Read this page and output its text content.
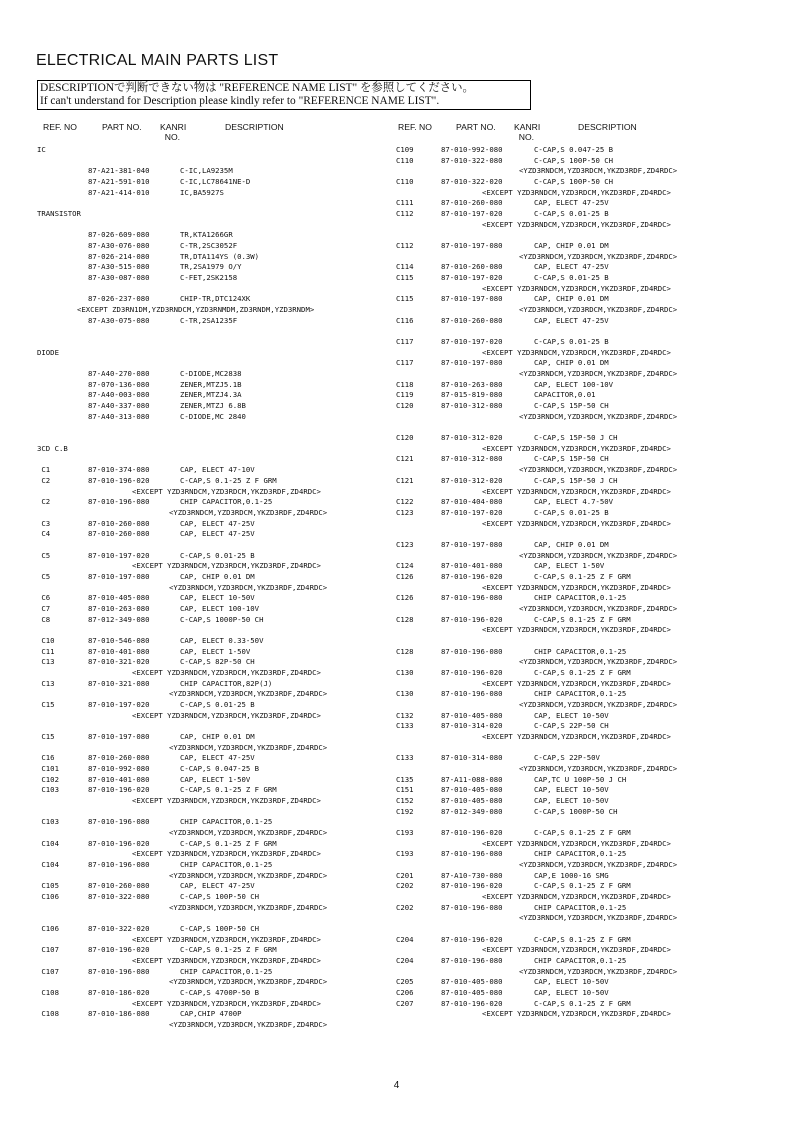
ELECTRICAL MAIN PARTS LIST
DESCRIPTIONで判断できない物は "REFERENCE NAME LIST" を参照してください。
If can't understand for Description please kindly refer to "REFERENCE NAME LIST".
REF. NO	PART NO. KANRI
NO.
DESCRIPTION	REF. NO	PART NO. KANRI
NO.
DESCRIPTION
IC
87-A21-381-040	C-IC,LA9235M
87-A21-591-010	C-IC,LC78641NE-D
87-A21-414-010	IC,BA5927S
TRANSISTOR
87-026-609-080	TR,KTA1266GR
87-A30-076-080	C-TR,2SC3052F
87-026-214-080	TR,DTA114YS (0.3W)
87-A30-515-080	TR,2SA1979 O/Y
87-A30-087-080	C-FET,2SK2158
87-026-237-080	CHIP-TR,DTC124XK
<EXCEPT ZD3RN1DM,YZD3RNDCM,YZD3RNMDM,ZD3RNDM,YZD3RNDM>
87-A30-075-080	C-TR,2SA1235F
DIODE
87-A40-270-080	C-DIODE,MC2838
87-070-136-080	ZENER,MTZJ5.1B
87-A40-003-080	ZENER,MTZJ4.3A
87-A40-337-080	ZENER,MTZJ 6.8B
87-A40-313-080	C-DIODE,MC 2840
3CD C.B
C1	87-010-374-080	CAP, ELECT 47-10V
C2	87-010-196-020	C-CAP,S 0.1-25 Z F GRM
<EXCEPT YZD3RNDCM,YZD3RDCM,YKZD3RDF,ZD4RDC>
C2	87-010-196-080	CHIP CAPACITOR,0.1-25
<YZD3RNDCM,YZD3RDCM,YKZD3RDF,ZD4RDC>
C3	87-010-260-080	CAP, ELECT 47-25V
C4	87-010-260-080	CAP, ELECT 47-25V
C5	87-010-197-020	C-CAP,S 0.01-25 B
<EXCEPT YZD3RNDCM,YZD3RDCM,YKZD3RDF,ZD4RDC>
C5	87-010-197-080	CAP, CHIP 0.01 DM
<YZD3RNDCM,YZD3RDCM,YKZD3RDF,ZD4RDC>
C6	87-010-405-080	CAP, ELECT 10-50V
C7	87-010-263-080	CAP, ELECT 100-10V
C8	87-012-349-080	C-CAP,S 1000P-50 CH
C10	87-010-546-080	CAP, ELECT 0.33-50V
C11	87-010-401-080	CAP, ELECT 1-50V
C13	87-010-321-020	C-CAP,S 82P-50 CH
<EXCEPT YZD3RNDCM,YZD3RDCM,YKZD3RDF,ZD4RDC>
C13	87-010-321-080	CHIP CAPACITOR,82P(J)
<YZD3RNDCM,YZD3RDCM,YKZD3RDF,ZD4RDC>
C15	87-010-197-020	C-CAP,S 0.01-25 B
<EXCEPT YZD3RNDCM,YZD3RDCM,YKZD3RDF,ZD4RDC>
C15	87-010-197-080	CAP, CHIP 0.01 DM
<YZD3RNDCM,YZD3RDCM,YKZD3RDF,ZD4RDC>
C16	87-010-260-080	CAP, ELECT 47-25V
C101	87-010-992-080	C-CAP,S 0.047-25 B
C102	87-010-401-080	CAP, ELECT 1-50V
C103	87-010-196-020	C-CAP,S 0.1-25 Z F GRM
<EXCEPT YZD3RNDCM,YZD3RDCM,YKZD3RDF,ZD4RDC>
C103	87-010-196-080	CHIP CAPACITOR,0.1-25
<YZD3RNDCM,YZD3RDCM,YKZD3RDF,ZD4RDC>
C104	87-010-196-020	C-CAP,S 0.1-25 Z F GRM
<EXCEPT YZD3RNDCM,YZD3RDCM,YKZD3RDF,ZD4RDC>
C104	87-010-196-080	CHIP CAPACITOR,0.1-25
<YZD3RNDCM,YZD3RDCM,YKZD3RDF,ZD4RDC>
C105	87-010-260-080	CAP, ELECT 47-25V
C106	87-010-322-080	C-CAP,S 100P-50 CH
<YZD3RNDCM,YZD3RDCM,YKZD3RDF,ZD4RDC>
C106	87-010-322-020	C-CAP,S 100P-50 CH
<EXCEPT YZD3RNDCM,YZD3RDCM,YKZD3RDF,ZD4RDC>
C107	87-010-196-020	C-CAP,S 0.1-25 Z F GRM
<EXCEPT YZD3RNDCM,YZD3RDCM,YKZD3RDF,ZD4RDC>
C107	87-010-196-080	CHIP CAPACITOR,0.1-25
<YZD3RNDCM,YZD3RDCM,YKZD3RDF,ZD4RDC>
C108	87-010-186-020	C-CAP,S 4700P-50 B
<EXCEPT YZD3RNDCM,YZD3RDCM,YKZD3RDF,ZD4RDC>
C108	87-010-186-080	CAP,CHIP 4700P
<YZD3RNDCM,YZD3RDCM,YKZD3RDF,ZD4RDC>
C109	87-010-992-080	C-CAP,S 0.047-25 B
C110	87-010-322-080	C-CAP,S 100P-50 CH
<YZD3RNDCM,YZD3RDCM,YKZD3RDF,ZD4RDC>
C110	87-010-322-020	C-CAP,S 100P-50 CH
<EXCEPT YZD3RNDCM,YZD3RDCM,YKZD3RDF,ZD4RDC>
C111	87-010-260-080	CAP, ELECT 47-25V
C112	87-010-197-020	C-CAP,S 0.01-25 B
<EXCEPT YZD3RNDCM,YZD3RDCM,YKZD3RDF,ZD4RDC>
C112	87-010-197-080	CAP, CHIP 0.01 DM
<YZD3RNDCM,YZD3RDCM,YKZD3RDF,ZD4RDC>
C114	87-010-260-080	CAP, ELECT 47-25V
C115	87-010-197-020	C-CAP,S 0.01-25 B
<EXCEPT YZD3RNDCM,YZD3RDCM,YKZD3RDF,ZD4RDC>
C115	87-010-197-080	CAP, CHIP 0.01 DM
<YZD3RNDCM,YZD3RDCM,YKZD3RDF,ZD4RDC>
C116	87-010-260-080	CAP, ELECT 47-25V
C117	87-010-197-020	C-CAP,S 0.01-25 B
<EXCEPT YZD3RNDCM,YZD3RDCM,YKZD3RDF,ZD4RDC>
C117	87-010-197-080	CAP, CHIP 0.01 DM
<YZD3RNDCM,YZD3RDCM,YKZD3RDF,ZD4RDC>
C118	87-010-263-080	CAP, ELECT 100-10V
C119	87-015-819-080	CAPACITOR,0.01
C120	87-010-312-080	C-CAP,S 15P-50 CH
<YZD3RNDCM,YZD3RDCM,YKZD3RDF,ZD4RDC>
C120	87-010-312-020	C-CAP,S 15P-50 J CH
<EXCEPT YZD3RNDCM,YZD3RDCM,YKZD3RDF,ZD4RDC>
C121	87-010-312-080	C-CAP,S 15P-50 CH
<YZD3RNDCM,YZD3RDCM,YKZD3RDF,ZD4RDC>
C121	87-010-312-020	C-CAP,S 15P-50 J CH
<EXCEPT YZD3RNDCM,YZD3RDCM,YKZD3RDF,ZD4RDC>
C122	87-010-404-080	CAP, ELECT 4.7-50V
C123	87-010-197-020	C-CAP,S 0.01-25 B
<EXCEPT YZD3RNDCM,YZD3RDCM,YKZD3RDF,ZD4RDC>
C123	87-010-197-080	CAP, CHIP 0.01 DM
<YZD3RNDCM,YZD3RDCM,YKZD3RDF,ZD4RDC>
C124	87-010-401-080	CAP, ELECT 1-50V
C126	87-010-196-020	C-CAP,S 0.1-25 Z F GRM
<EXCEPT YZD3RNDCM,YZD3RDCM,YKZD3RDF,ZD4RDC>
C126	87-010-196-080	CHIP CAPACITOR,0.1-25
<YZD3RNDCM,YZD3RDCM,YKZD3RDF,ZD4RDC>
C128	87-010-196-020	C-CAP,S 0.1-25 Z F GRM
<EXCEPT YZD3RNDCM,YZD3RDCM,YKZD3RDF,ZD4RDC>
C128	87-010-196-080	CHIP CAPACITOR,0.1-25
<YZD3RNDCM,YZD3RDCM,YKZD3RDF,ZD4RDC>
C130	87-010-196-020	C-CAP,S 0.1-25 Z F GRM
<EXCEPT YZD3RNDCM,YZD3RDCM,YKZD3RDF,ZD4RDC>
C130	87-010-196-080	CHIP CAPACITOR,0.1-25
<YZD3RNDCM,YZD3RDCM,YKZD3RDF,ZD4RDC>
C132	87-010-405-080	CAP, ELECT 10-50V
C133	87-010-314-020	C-CAP,S 22P-50 CH
<EXCEPT YZD3RNDCM,YZD3RDCM,YKZD3RDF,ZD4RDC>
C133	87-010-314-080	C-CAP,S 22P-50V
<YZD3RNDCM,YZD3RDCM,YKZD3RDF,ZD4RDC>
C135	87-A11-088-080	CAP,TC U 100P-50 J CH
C151	87-010-405-080	CAP, ELECT 10-50V
C152	87-010-405-080	CAP, ELECT 10-50V
C192	87-012-349-080	C-CAP,S 1000P-50 CH
C193	87-010-196-020	C-CAP,S 0.1-25 Z F GRM
<EXCEPT YZD3RNDCM,YZD3RDCM,YKZD3RDF,ZD4RDC>
C193	87-010-196-080	CHIP CAPACITOR,0.1-25
<YZD3RNDCM,YZD3RDCM,YKZD3RDF,ZD4RDC>
C201	87-A10-730-080	CAP,E 1000-16 SMG
C202	87-010-196-020	C-CAP,S 0.1-25 Z F GRM
<EXCEPT YZD3RNDCM,YZD3RDCM,YKZD3RDF,ZD4RDC>
C202	87-010-196-080	CHIP CAPACITOR,0.1-25
<YZD3RNDCM,YZD3RDCM,YKZD3RDF,ZD4RDC>
C204	87-010-196-020	C-CAP,S 0.1-25 Z F GRM
<EXCEPT YZD3RNDCM,YZD3RDCM,YKZD3RDF,ZD4RDC>
C204	87-010-196-080	CHIP CAPACITOR,0.1-25
<YZD3RNDCM,YZD3RDCM,YKZD3RDF,ZD4RDC>
C205	87-010-405-080	CAP, ELECT 10-50V
C206	87-010-405-080	CAP, ELECT 10-50V
C207	87-010-196-020	C-CAP,S 0.1-25 Z F GRM
<EXCEPT YZD3RNDCM,YZD3RDCM,YKZD3RDF,ZD4RDC>
4
